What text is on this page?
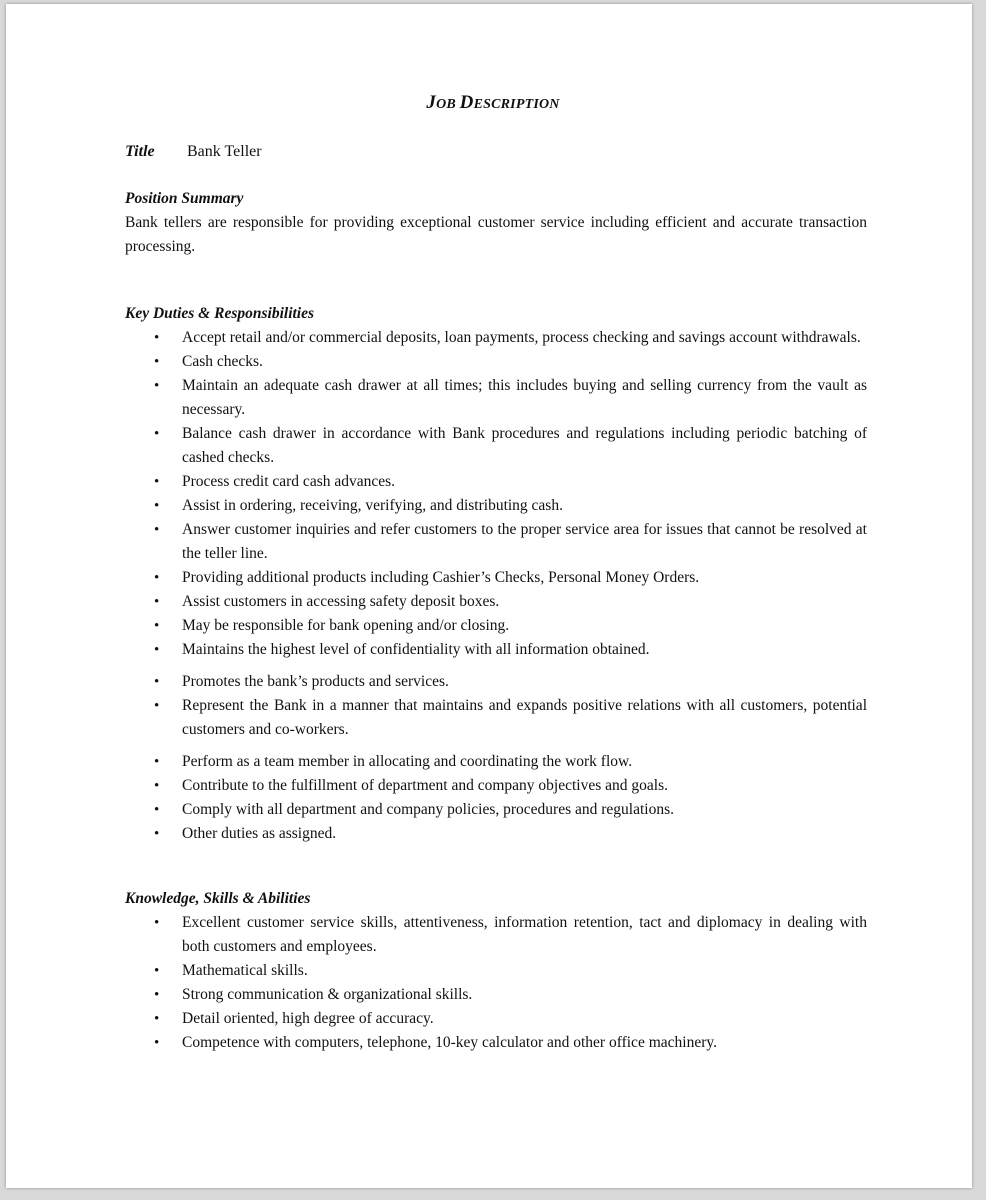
JOB DESCRIPTION
Title Bank Teller
Position Summary
Bank tellers are responsible for providing exceptional customer service including efficient and accurate transaction processing.
Key Duties & Responsibilities
• Accept retail and/or commercial deposits, loan payments, process checking and savings account withdrawals.
• Cash checks.
• Maintain an adequate cash drawer at all times; this includes buying and selling currency from the vault as necessary.
• Balance cash drawer in accordance with Bank procedures and regulations including periodic batching of cashed checks.
• Process credit card cash advances.
• Assist in ordering, receiving, verifying, and distributing cash.
• Answer customer inquiries and refer customers to the proper service area for issues that cannot be resolved at the teller line.
• Providing additional products including Cashier’s Checks, Personal Money Orders.
• Assist customers in accessing safety deposit boxes.
• May be responsible for bank opening and/or closing.
• Maintains the highest level of confidentiality with all information obtained.
• Promotes the bank’s products and services.
• Represent the Bank in a manner that maintains and expands positive relations with all customers, potential customers and co-workers.
• Perform as a team member in allocating and coordinating the work flow.
• Contribute to the fulfillment of department and company objectives and goals.
• Comply with all department and company policies, procedures and regulations.
• Other duties as assigned.
Knowledge, Skills & Abilities
• Excellent customer service skills, attentiveness, information retention, tact and diplomacy in dealing with both customers and employees.
• Mathematical skills.
• Strong communication & organizational skills.
• Detail oriented, high degree of accuracy.
• Competence with computers, telephone, 10-key calculator and other office machinery.
